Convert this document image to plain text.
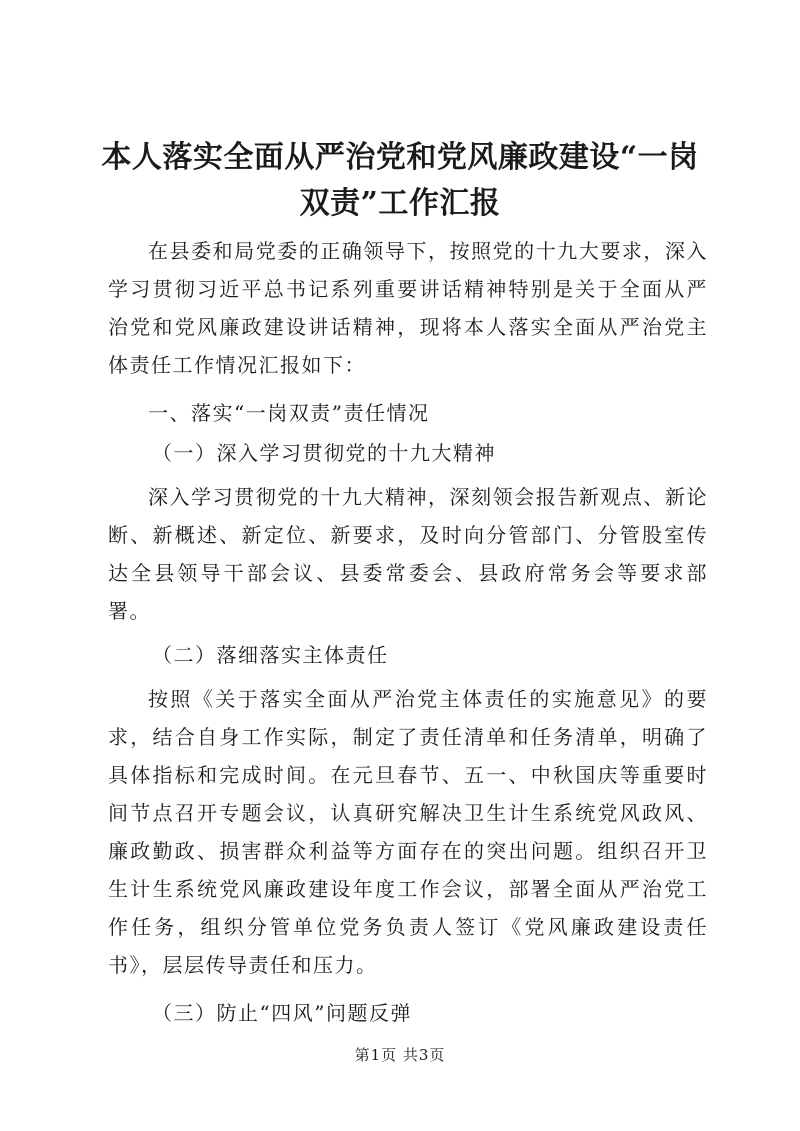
本人落实全面从严治党和党风廉政建设“一岗
双责”工作汇报

在县委和局党委的正确领导下，按照党的十九大要求，深入学习贯彻习近平总书记系列重要讲话精神特别是关于全面从严治党和党风廉政建设讲话精神，现将本人落实全面从严治党主体责任工作情况汇报如下：

一、落实“一岗双责”责任情况

（一）深入学习贯彻党的十九大精神

深入学习贯彻党的十九大精神，深刻领会报告新观点、新论断、新概述、新定位、新要求，及时向分管部门、分管股室传达全县领导干部会议、县委常委会、县政府常务会等要求部署。

（二）落细落实主体责任

按照《关于落实全面从严治党主体责任的实施意见》的要求，结合自身工作实际，制定了责任清单和任务清单，明确了具体指标和完成时间。在元旦春节、五一、中秋国庆等重要时间节点召开专题会议，认真研究解决卫生计生系统党风政风、廉政勤政、损害群众利益等方面存在的突出问题。组织召开卫生计生系统党风廉政建设年度工作会议，部署全面从严治党工作任务，组织分管单位党务负责人签订《党风廉政建设责任书》，层层传导责任和压力。

（三）防止“四风”问题反弹

第1页 共3页
